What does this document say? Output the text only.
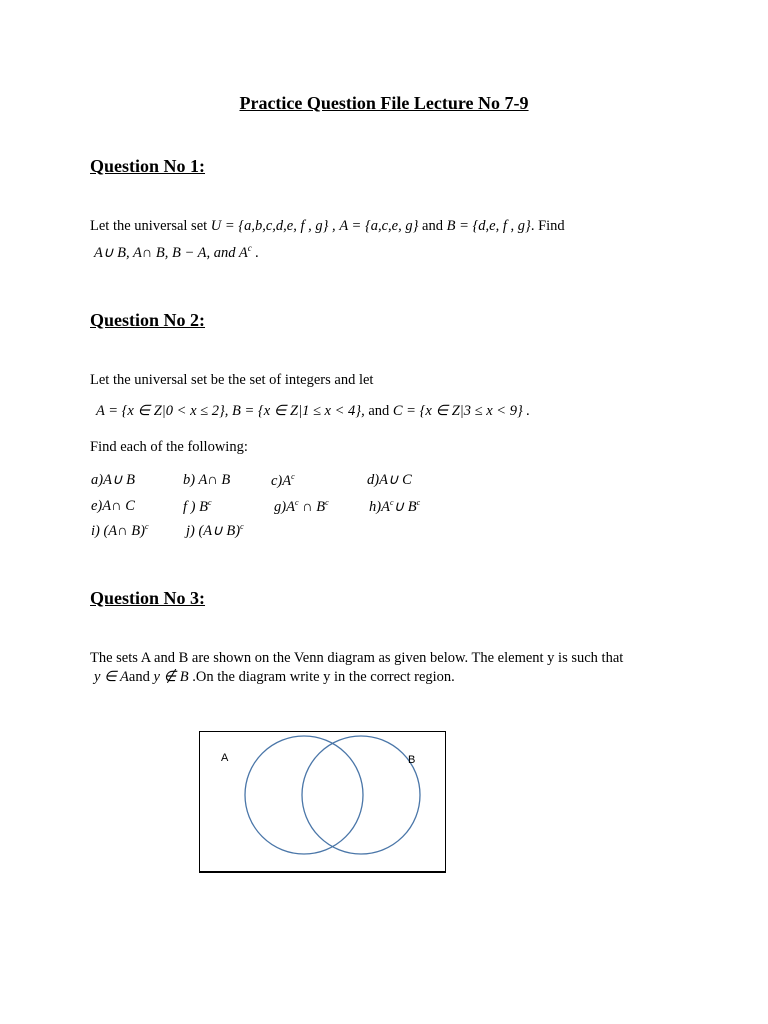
Practice Question File Lecture No 7-9
Question No 1:
Let the universal set U = {a,b,c,d,e, f , g} , A = {a,c,e, g} and B = {d,e, f , g}. Find
A∪ B, A∩ B, B − A, and $A^c$ .
Question No 2:
Let the universal set be the set of integers and let
A = {x ∈ Z|0 < x ≤ 2}, B = {x ∈ Z|1 ≤ x < 4}, and C = {x ∈ Z|3 ≤ x < 9} .
Find each of the following:
a)A∪ B	b) A∩ B	$c)A^c$	d)A∪ C
e)A∩ C	f ) $B^c$	$g)A^c$ ∩ $B^c$	$h)A^c\cup$ $B^c$
i) (A∩ B)$^c$	j) (A∪ B)$^c$
Question No 3:
The sets A and B are shown on the Venn diagram as given below. The element y is such that
y ∈ Aand y ∉ B .On the diagram write y in the correct region.
A	B
